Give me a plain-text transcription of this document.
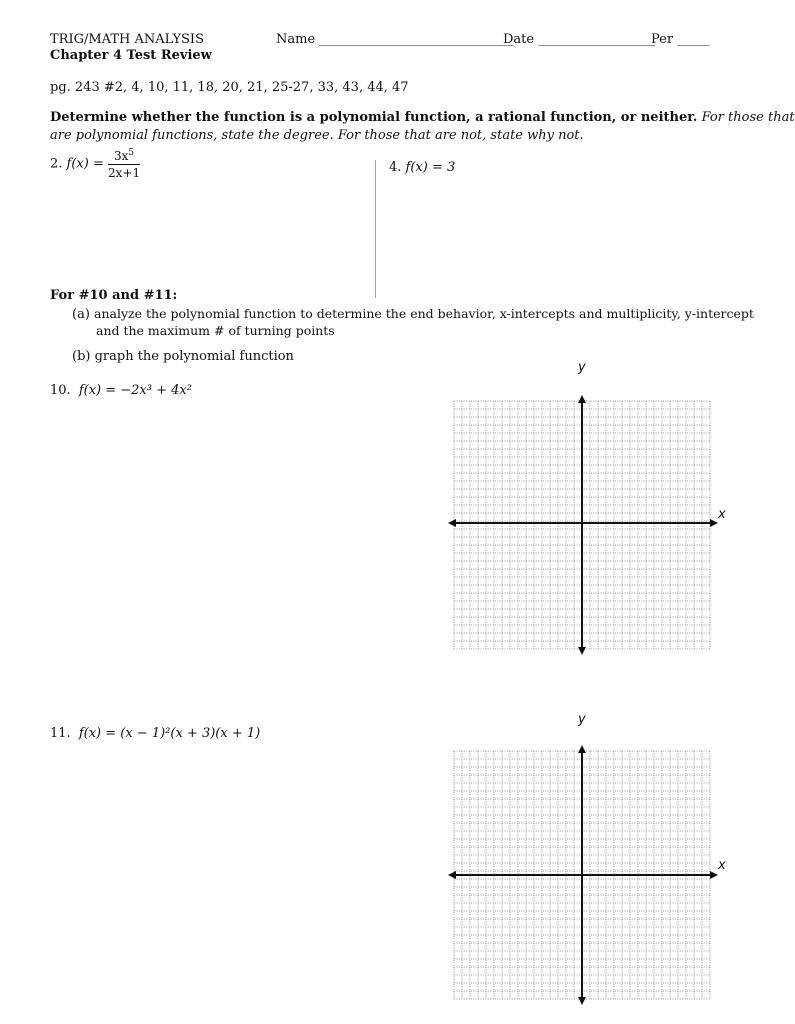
TRIG/MATH ANALYSIS	Name ______________________________
Date __________________
Per _____
Chapter 4 Test Review
pg. 243 #2, 4, 10, 11, 18, 20, 21, 25-27, 33, 43, 44, 47
Determine whether the function is a polynomial function, a rational function, or neither. For those that
are polynomial functions, state the degree. For those that are not, state why not.
2. $f(x) = \frac{3x^5}{2x+1}$	4. f(x) = 3
For #10 and #11:
(a) analyze the polynomial function to determine the end behavior, x-intercepts and multiplicity, y-intercept
and the maximum # of turning points
(b) graph the polynomial function
10. f(x) = −2x³ + 4x²
y
x
11. f(x) = (x − 1)²(x + 3)(x + 1)
y
x
